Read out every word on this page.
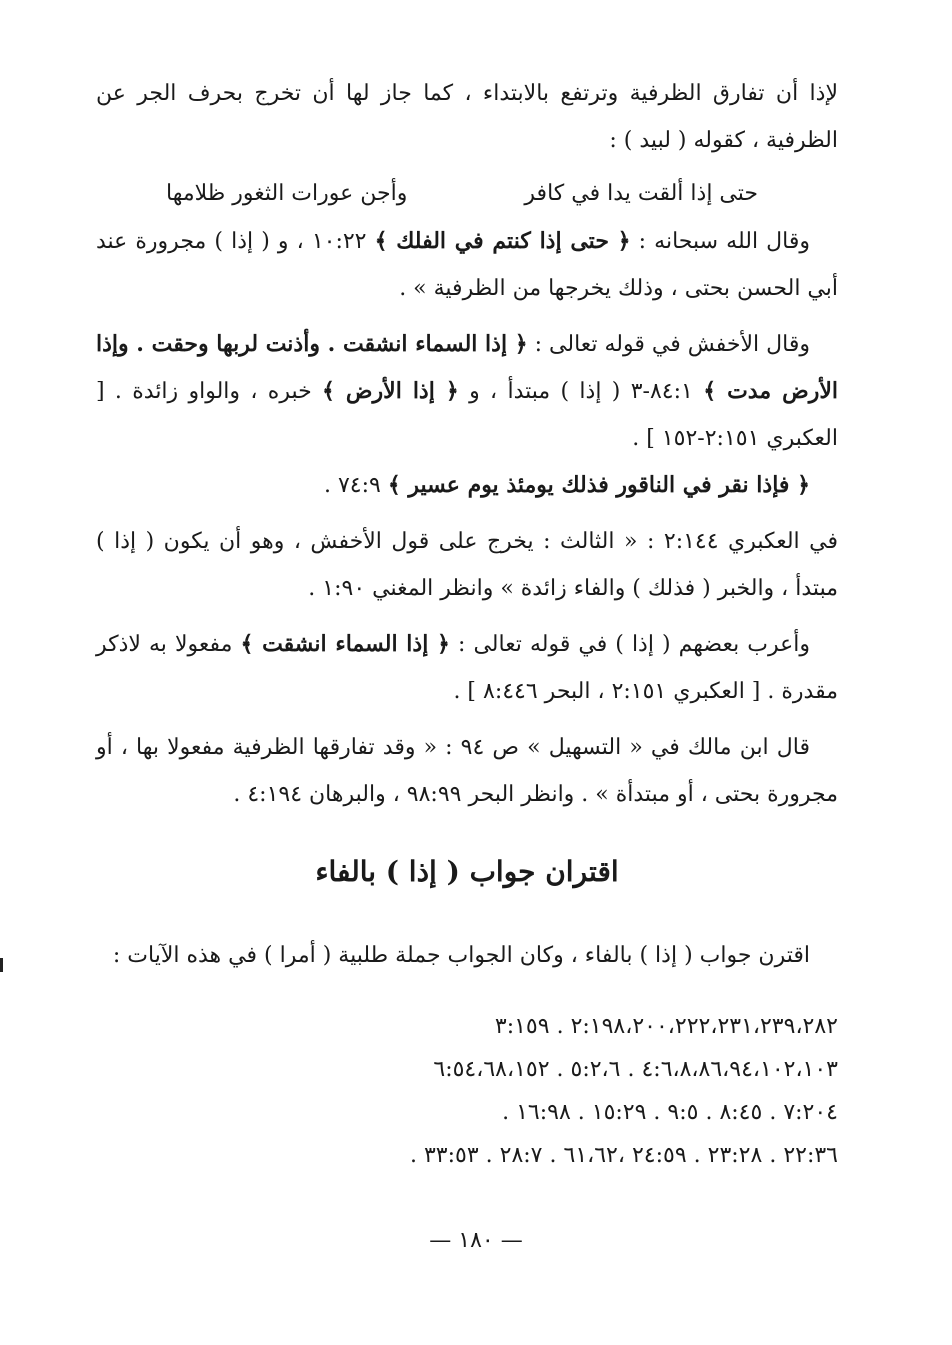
لإذا أن تفارق الظرفية وترتفع بالابتداء ، كما جاز لها أن تخرج بحرف الجر عن الظرفية ، كقوله ( لبيد ) :

حتى إذا ألقت يدا في كافر
وأجن عورات الثغور ظلامها

وقال الله سبحانه : ﴿ حتى إذا كنتم في الفلك ﴾ ١٠:٢٢ ، و ( إذا ) مجرورة عند أبي الحسن بحتى ، وذلك يخرجها من الظرفية » .

وقال الأخفش في قوله تعالى : ﴿ إذا السماء انشقت . وأذنت لربها وحقت . وإذا الأرض مدت ﴾ ٨٤:١-٣ ( إذا ) مبتدأ ، و ﴿ إذا الأرض ﴾ خبره ، والواو زائدة . [ العكبري ٢:١٥١-١٥٢ ] .

﴿ فإذا نقر في الناقور فذلك يومئذ يوم عسير ﴾ ٧٤:٩ .

في العكبري ٢:١٤٤ : « الثالث : يخرج على قول الأخفش ، وهو أن يكون ( إذا ) مبتدأ ، والخبر ( فذلك ) والفاء زائدة » وانظر المغني ١:٩٠ .

وأعرب بعضهم ( إذا ) في قوله تعالى : ﴿ إذا السماء انشقت ﴾ مفعولا به لاذكر مقدرة . [ العكبري ٢:١٥١ ، البحر ٨:٤٤٦ ] .

قال ابن مالك في « التسهيل » ص ٩٤ : « وقد تفارقها الظرفية مفعولا بها ، أو مجرورة بحتى ، أو مبتدأة » . وانظر البحر ٩٨:٩٩ ، والبرهان ٤:١٩٤ .

اقتران جواب ( إذا ) بالفاء

اقترن جواب ( إذا ) بالفاء ، وكان الجواب جملة طلبية ( أمرا ) في هذه الآيات :

٢:١٩٨،٢٠٠،٢٢٢،٢٣١،٢٣٩،٢٨٢ . ٣:١٥٩

٤:٦،٨،٨٦،٩٤،١٠٢،١٠٣ . ٥:٢،٦ . ٦:٥٤،٦٨،١٥٢

٧:٢٠٤ . ٨:٤٥ . ٩:٥ . ١٥:٢٩ . ١٦:٩٨ .

٢٢:٣٦ . ٢٣:٢٨ . ٢٤:٥٩ ،٦١،٦٢ . ٢٨:٧ . ٣٣:٥٣ .

— ١٨٠ —
